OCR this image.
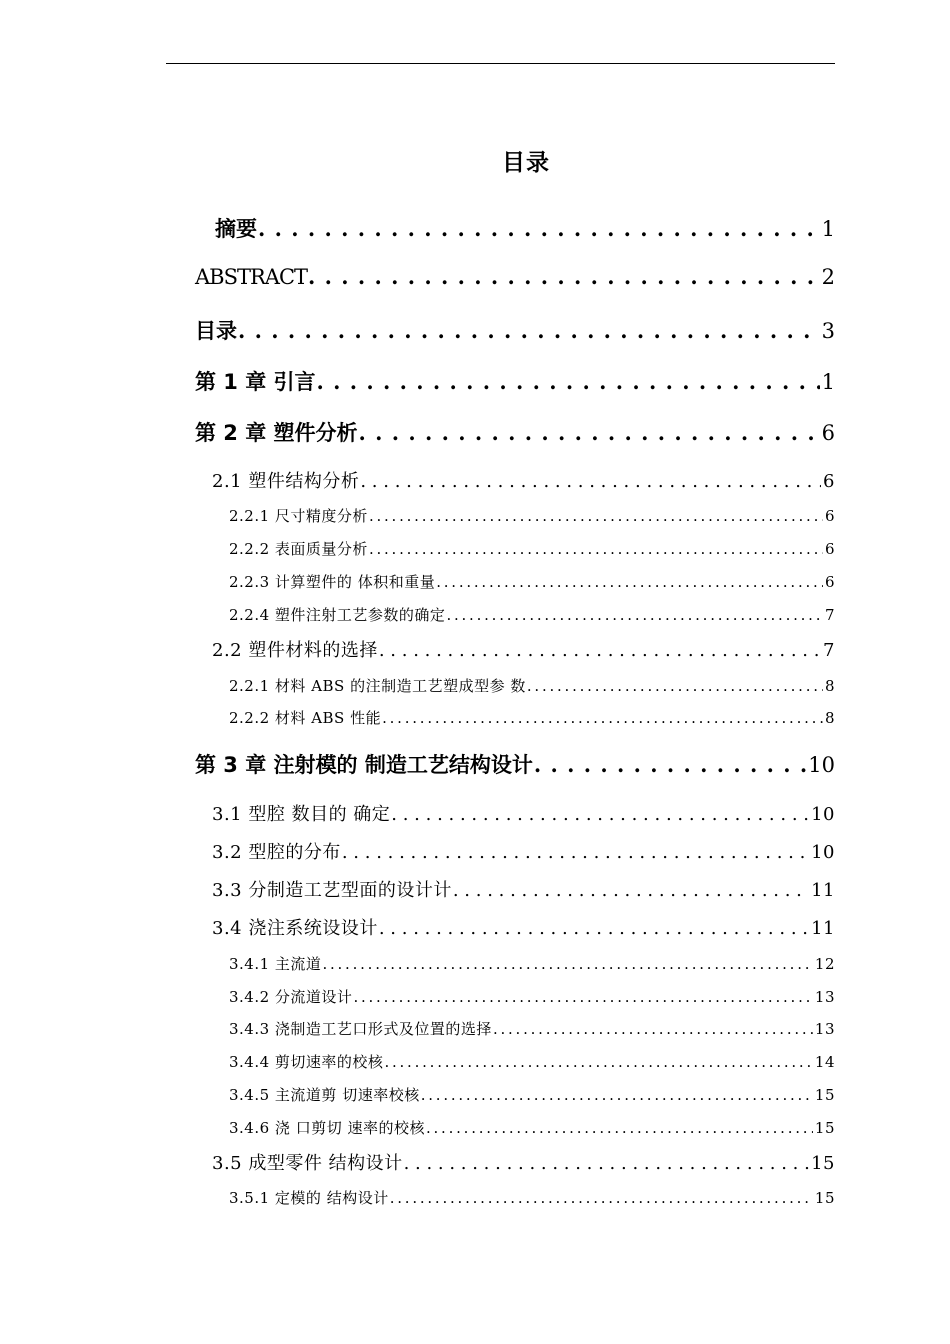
目录
摘要 . . .	1
ABSTRACT . . .	2
目录 . . .	3
第 1 章 引言 . . .	1
第 2 章 塑件分析 . . .	6
2.1 塑件结构分析 . . .	6
2.2.1 尺寸精度分析 . . .	6
2.2.2 表面质量分析 . . .	6
2.2.3 计算塑件的 体积和重量 . . .	6
2.2.4 塑件注射工艺参数的确定 . . .	7
2.2 塑件材料的选择 . . .	7
2.2.1 材料 ABS 的注制造工艺塑成型参 数 . . .	8
2.2.2 材料 ABS 性能 . . .	8
第 3 章 注射模的 制造工艺结构设计 . . .	10
3.1 型腔 数目的 确定 . . .	10
3.2 型腔的分布 . . .	10
3.3 分制造工艺型面的设计计 . . .	11
3.4 浇注系统设设计 . . .	11
3.4.1 主流道 . . .	12
3.4.2 分流道设计 . . .	13
3.4.3 浇制造工艺口形式及位置的选择 . . .	13
3.4.4 剪切速率的校核 . . .	14
3.4.5 主流道剪 切速率校核 . . .	15
3.4.6 浇 口剪切 速率的校核 . . .	15
3.5 成型零件 结构设计 . . .	15
3.5.1 定模的 结构设计 . . .	15
